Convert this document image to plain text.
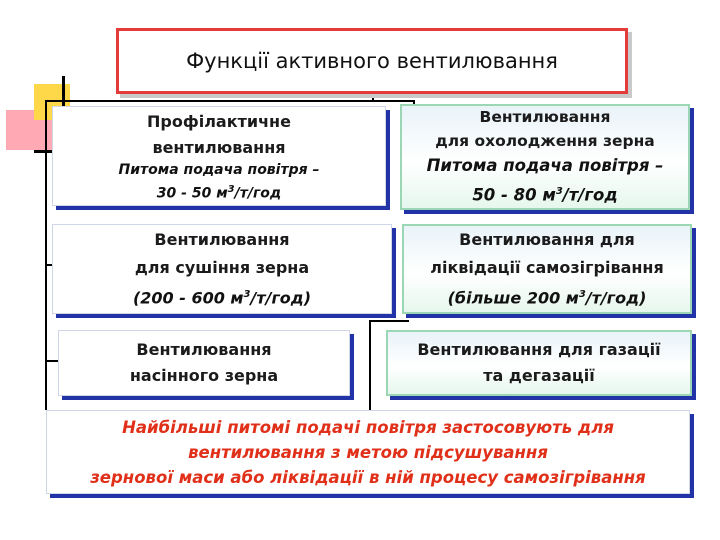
Функції активного вентилювання
Профілактичне
вентилювання
Питома подача повітря –
30 - 50 $м^3/т$/год
Вентилювання
для охолодження зерна
Питома подача повітря –
50 - 80 $м^3/т$/год
Вентилювання
для сушіння зерна
(200 - 600 $м^3/т/год$)
Вентилювання для
ліквідації самозігрівання
(більше 200 $м^3/т/год$)
Вентилювання
насінного зерна
Вентилювання для газації
та дегазації
Найбільші питомі подачі повітря застосовують для
вентилювання з метою підсушування
зернової маси або ліквідації в ній процесу самозігрівання
